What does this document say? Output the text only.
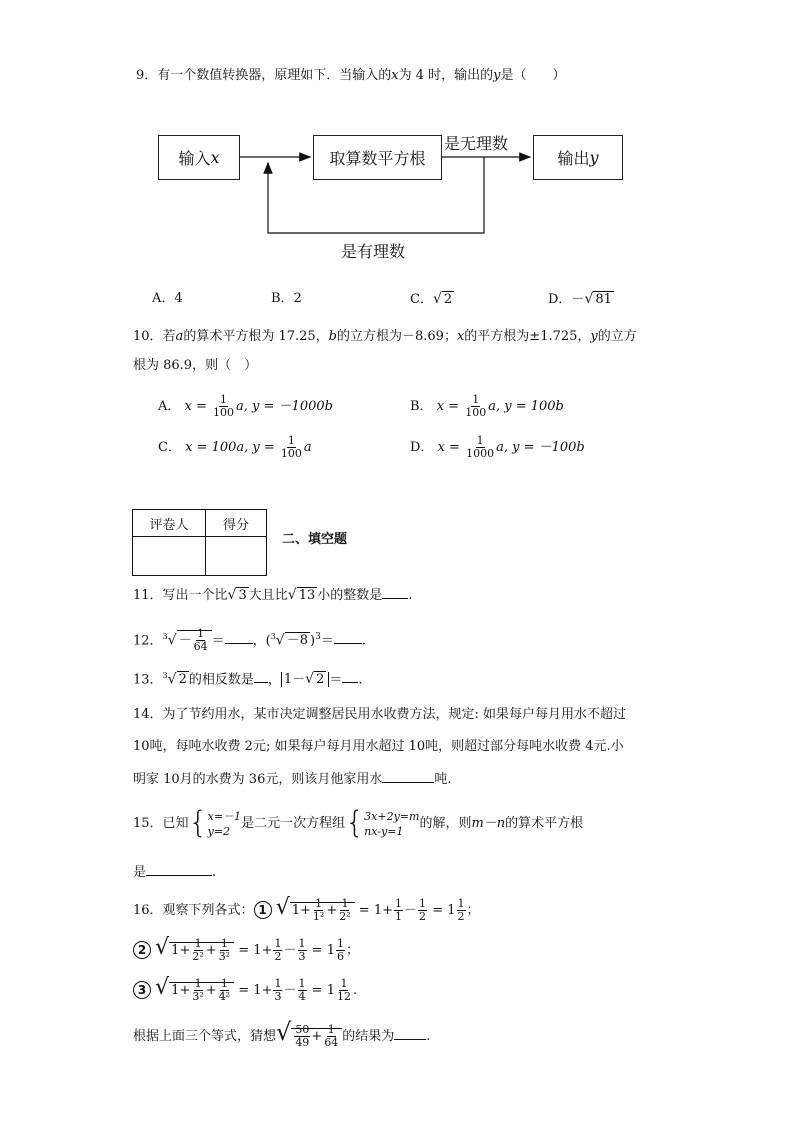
9．有一个数值转换器，原理如下．当输入的x为 4 时，输出的y是（　　）
输入 x	取算数平方根	输出 y
是无理数
是有理数
A．4	B．2	C．√ 2	D．－√ 81
10．若a的算术平方根为 17.25，b的立方根为－8.69；x的平方根为±1.725，y的立方
根为 86.9，则（　）
A． $x = \frac{1}{100} a$, y = －1000b	B． $x = \frac{1}{100} a$, y = 100b
C． x = 100a, $y = \frac{1}{100}$ a	D． $x = \frac{1}{1000} a$, y = －100b
评卷人	得分

二、填空题
11．写出一个比√ 3 大且比√ 13 小的整数是 .
12．$^3√ - \frac{1}{64}$ ＝ ，($^3$√ －8 )$^3$＝ .
13．$^3$√ 2 的相反数是 ， 1－√ 2 ＝ .
14．为了节约用水，某市决定调整居民用水收费方法，规定: 如果每户每月用水不超过
10吨，每吨水收费 2元; 如果每户每月用水超过 10吨，则超过部分每吨水收费 4元.小
明家 10月的水费为 36元，则该月他家用水	吨.
15．已知{ x=－1
y=2 是二元一次方程组{ 3x+2y=m
nx-y=1	的解，则m－n的算术平方根
是	.
16．观察下列各式： 1 √ $1+ \frac{1}{\text{1²}} + \frac{1}{\text{2²}} = 1+ \frac{1}{1} - \frac{1}{2} = 1 \frac{1}{2}$ ；
2 √ $1+ \frac{1}{\text{2²}} + \frac{1}{\text{3²}} = 1+ \frac{1}{2} - \frac{1}{3} = 1 \frac{1}{6}$ ；
3 √ $1+ \frac{1}{\text{3²}} + \frac{1}{\text{4²}} = 1+ \frac{1}{3} - \frac{1}{4} = 1 \frac{1}{12}$ .
根据上面三个等式，猜想√ $\frac{50}{49} + \frac{1}{64}$ 的结果为 .
